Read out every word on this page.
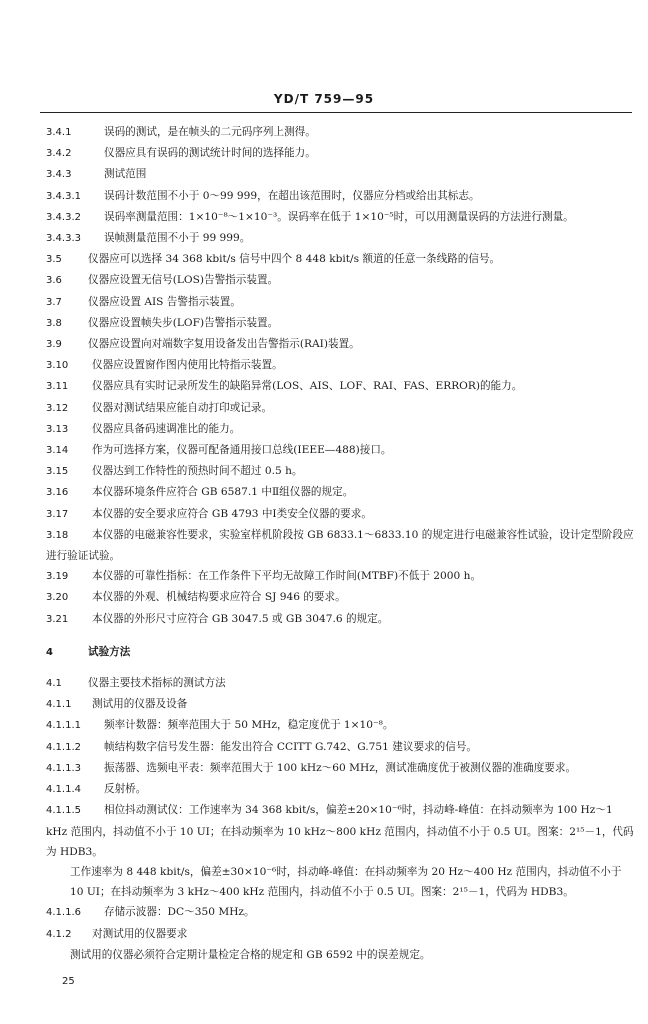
YD/T 759—95
3.4.1	误码的测试，是在帧头的二元码序列上测得。
3.4.2	仪器应具有误码的测试统计时间的选择能力。
3.4.3	测试范围
3.4.3.1 误码计数范围不小于 0～99 999，在超出该范围时，仪器应分档或给出其标志。
3.4.3.2 误码率测量范围：1×10⁻⁸～1×10⁻³。误码率在低于 1×10⁻⁵时，可以用测量误码的方法进行测量。
3.4.3.3 误帧测量范围不小于 99 999。
3.5 仪器应可以选择 34 368 kbit/s 信号中四个 8 448 kbit/s 额道的任意一条线路的信号。
3.6 仪器应设置无信号(LOS)告警指示装置。
3.7 仪器应设置 AIS 告警指示装置。
3.8 仪器应设置帧失步(LOF)告警指示装置。
3.9 仪器应设置向对端数字复用设备发出告警指示(RAI)装置。
3.10 仪器应设置窗作图内使用比特指示装置。
3.11 仪器应具有实时记录所发生的缺陷异常(LOS、AIS、LOF、RAI、FAS、ERROR)的能力。
3.12 仪器对测试结果应能自动打印或记录。
3.13 仪器应具备码速调准比的能力。
3.14 作为可选择方案，仪器可配备通用接口总线(IEEE—488)接口。
3.15 仪器达到工作特性的预热时间不超过 0.5 h。
3.16 本仪器环境条件应符合 GB 6587.1 中Ⅱ组仪器的规定。
3.17 本仪器的安全要求应符合 GB 4793 中Ⅰ类安全仪器的要求。
3.18 本仪器的电磁兼容性要求，实验室样机阶段按 GB 6833.1～6833.10 的规定进行电磁兼容性试验，设计定型阶段应进行验证试验。
3.19 本仪器的可靠性指标：在工作条件下平均无故障工作时间(MTBF)不低于 2000 h。
3.20 本仪器的外观、机械结构要求应符合 SJ 946 的要求。
3.21 本仪器的外形尺寸应符合 GB 3047.5 或 GB 3047.6 的规定。
4	试验方法
4.1 仪器主要技术指标的测试方法
4.1.1 测试用的仪器及设备
4.1.1.1 频率计数器：频率范围大于 50 MHz，稳定度优于 1×10⁻⁸。
4.1.1.2 帧结构数字信号发生器：能发出符合 CCITT G.742、G.751 建议要求的信号。
4.1.1.3 振荡器、选频电平表：频率范围大于 100 kHz～60 MHz，测试准确度优于被测仪器的准确度要求。
4.1.1.4 反射桥。
4.1.1.5 相位抖动测试仪：工作速率为 34 368 kbit/s，偏差±20×10⁻⁶时，抖动峰-峰值：在抖动频率为 100 Hz～1 kHz 范围内，抖动值不小于 10 UI；在抖动频率为 10 kHz～800 kHz 范围内，抖动值不小于 0.5 UI。图案：2¹⁵－1，代码为 HDB3。
工作速率为 8 448 kbit/s，偏差±30×10⁻⁶时，抖动峰-峰值：在抖动频率为 20 Hz～400 Hz 范围内，抖动值不小于 10 UI；在抖动频率为 3 kHz～400 kHz 范围内，抖动值不小于 0.5 UI。图案：2¹⁵－1，代码为 HDB3。
4.1.1.6 存储示波器：DC～350 MHz。
4.1.2 对测试用的仪器要求
测试用的仪器必须符合定期计量检定合格的规定和 GB 6592 中的误差规定。
25
